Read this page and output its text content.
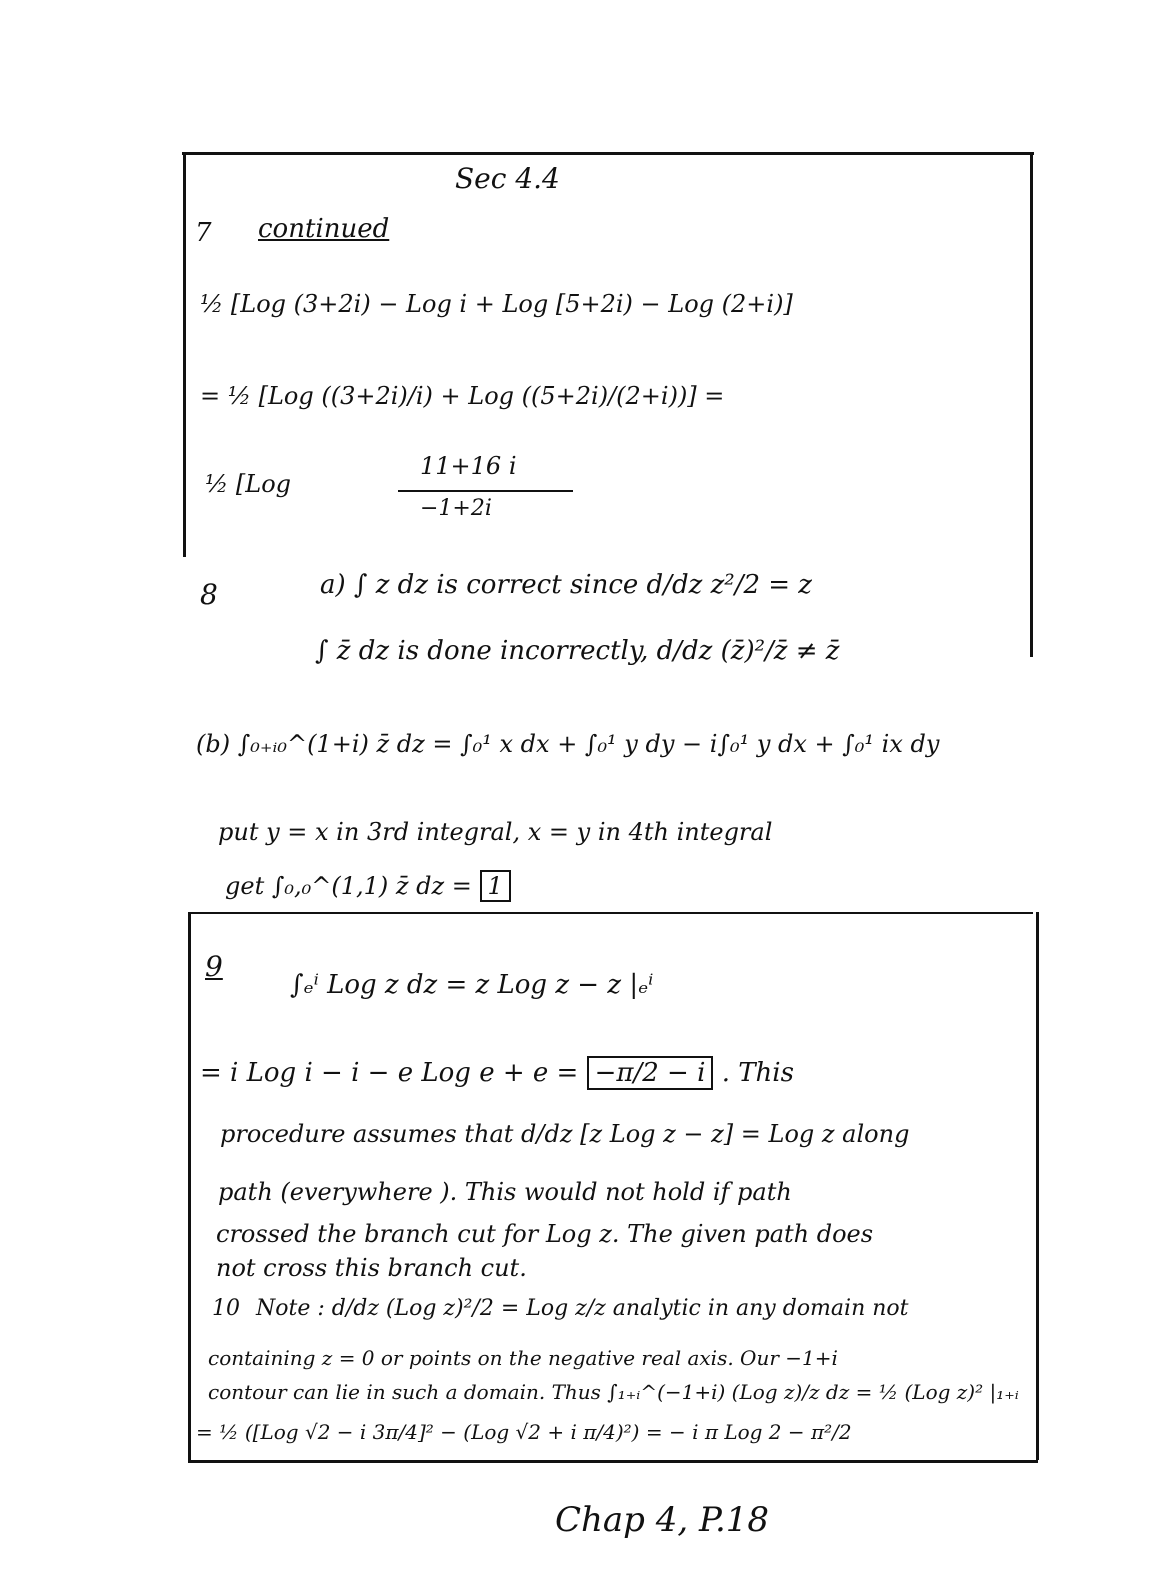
Sec 4.4
7 continued
½ [Log (3+2i) − Log i + Log [5+2i) − Log (2+i)]
= ½ [Log ((3+2i)/i) + Log ((5+2i)/(2+i))] =
½ [Log
11+16 i
−1+2i
8	a) ∫ z dz is correct since d/dz z²/2 = z
∫ z̄ dz is done incorrectly, d/dz (z̄)²/z̄ ≠ z̄
(b) ∫₀₊ᵢ₀^(1+i) z̄ dz = ∫₀¹ x dx + ∫₀¹ y dy − i∫₀¹ y dx + ∫₀¹ ix dy
put y = x in 3rd integral, x = y in 4th integral
get ∫₀,₀^(1,1) z̄ dz = 1
9
∫ₑⁱ Log z dz = z Log z − z |ₑⁱ
= i Log i − i − e Log e + e = −π/2 − i . This
procedure assumes that d/dz [z Log z − z] = Log z along
path (everywhere ). This would not hold if path
crossed the branch cut for Log z. The given path does
not cross this branch cut.
10 Note : d/dz (Log z)²/2 = Log z/z analytic in any domain not
containing z = 0 or points on the negative real axis. Our −1+i
contour can lie in such a domain. Thus ∫₁₊ᵢ^(−1+i) (Log z)/z dz = ½ (Log z)² |₁₊ᵢ
= ½ ([Log √2 − i 3π/4]² − (Log √2 + i π/4)²) = − i π Log 2 − π²/2
Chap 4, P.18
